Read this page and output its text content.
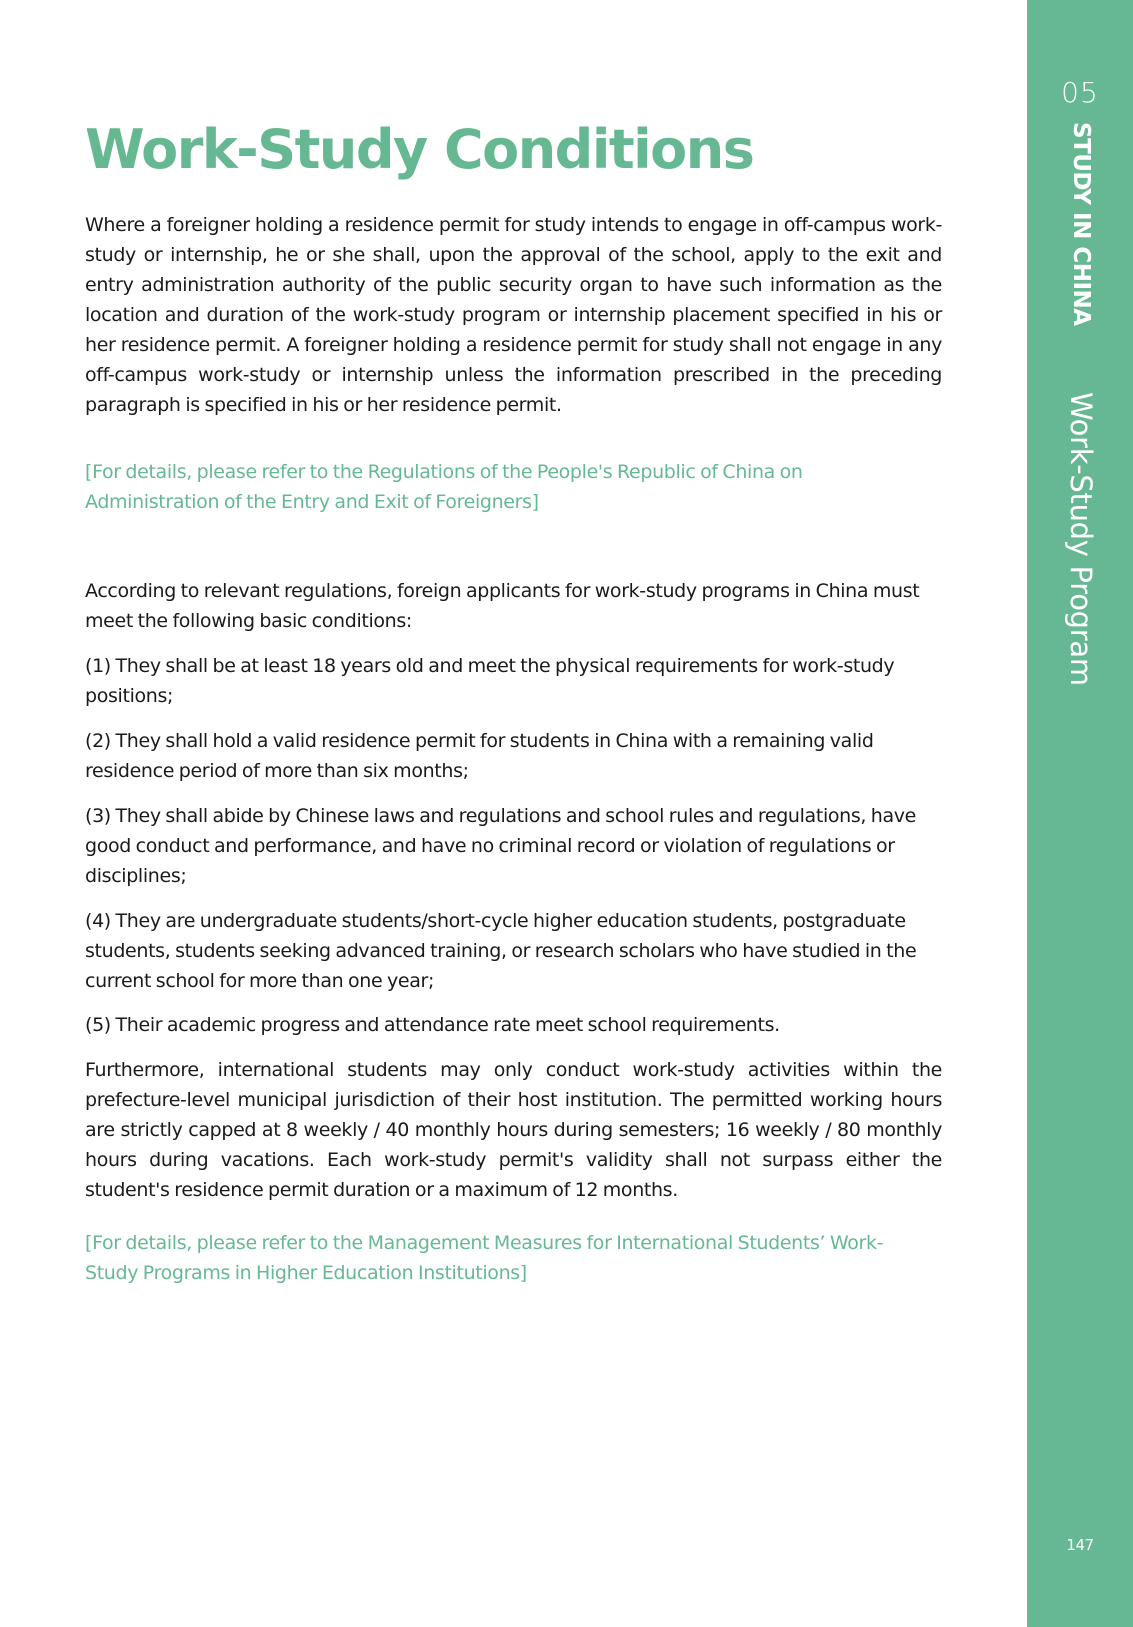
Work-Study Conditions

Where a foreigner holding a residence permit for study intends to engage in off-campus work-study or internship, he or she shall, upon the approval of the school, apply to the exit and entry administration authority of the public security organ to have such information as the location and duration of the work-study program or internship placement specified in his or her residence permit. A foreigner holding a residence permit for study shall not engage in any off-campus work-study or internship unless the information prescribed in the preceding paragraph is specified in his or her residence permit.

[For details, please refer to the Regulations of the People's Republic of China on Administration of the Entry and Exit of Foreigners]

According to relevant regulations, foreign applicants for work-study programs in China must meet the following basic conditions:

(1) They shall be at least 18 years old and meet the physical requirements for work-study positions;

(2) They shall hold a valid residence permit for students in China with a remaining valid residence period of more than six months;

(3) They shall abide by Chinese laws and regulations and school rules and regulations, have good conduct and performance, and have no criminal record or violation of regulations or disciplines;

(4) They are undergraduate students/short-cycle higher education students, postgraduate students, students seeking advanced training, or research scholars who have studied in the current school for more than one year;

(5) Their academic progress and attendance rate meet school requirements.

Furthermore, international students may only conduct work-study activities within the prefecture-level municipal jurisdiction of their host institution. The permitted working hours are strictly capped at 8 weekly / 40 monthly hours during semesters; 16 weekly / 80 monthly hours during vacations. Each work-study permit's validity shall not surpass either the student's residence permit duration or a maximum of 12 months.

[For details, please refer to the Management Measures for International Students’ Work-Study Programs in Higher Education Institutions]

05
STUDY IN CHINA
Work-Study Program
147
